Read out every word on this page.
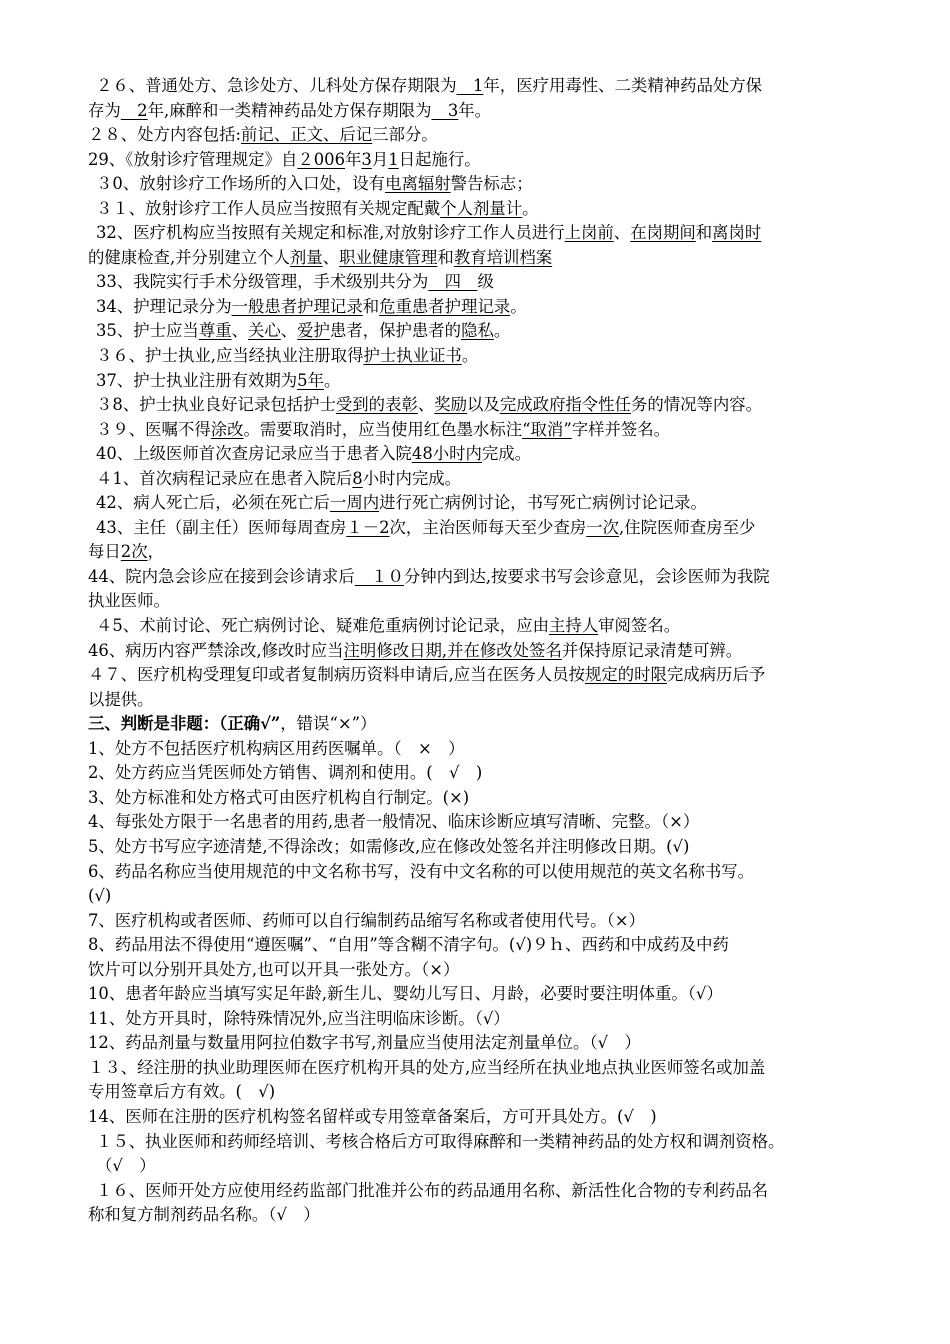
２６、普通处方、急诊处方、儿科处方保存期限为　1年，医疗用毒性、二类精神药品处方保
存为　2年,麻醉和一类精神药品处方保存期限为　3年。
２８、处方内容包括:前记、正文、后记三部分。
29、《放射诊疗管理规定》自２006年3月1日起施行。
３0、放射诊疗工作场所的入口处，设有电离辐射警告标志；
３１、放射诊疗工作人员应当按照有关规定配戴个人剂量计。
32、医疗机构应当按照有关规定和标准,对放射诊疗工作人员进行上岗前、在岗期间和离岗时
的健康检查,并分别建立个人剂量、职业健康管理和教育培训档案
33、我院实行手术分级管理，手术级别共分为　四　级
34、护理记录分为一般患者护理记录和危重患者护理记录。
35、护士应当尊重、关心、爱护患者，保护患者的隐私。
３６、护士执业,应当经执业注册取得护士执业证书。
37、护士执业注册有效期为5年。
３8、护士执业良好记录包括护士受到的表彰、奖励以及完成政府指令性任务的情况等内容。
３９、医嘱不得涂改。需要取消时，应当使用红色墨水标注“取消”字样并签名。
40、上级医师首次查房记录应当于患者入院48小时内完成。
４1、首次病程记录应在患者入院后8小时内完成。
42、病人死亡后，必须在死亡后一周内进行死亡病例讨论，书写死亡病例讨论记录。
43、主任（副主任）医师每周查房１－2次，主治医师每天至少查房一次,住院医师查房至少
每日2次，
44、院内急会诊应在接到会诊请求后　１０分钟内到达,按要求书写会诊意见，会诊医师为我院
执业医师。
４5、术前讨论、死亡病例讨论、疑难危重病例讨论记录，应由主持人审阅签名。
46、病历内容严禁涂改,修改时应当注明修改日期,并在修改处签名并保持原记录清楚可辨。
４７、医疗机构受理复印或者复制病历资料申请后,应当在医务人员按规定的时限完成病历后予
以提供。
三、判断是非题：（正确√”，错误“×”）
1、处方不包括医疗机构病区用药医嘱单。（　×　）
2、处方药应当凭医师处方销售、调剂和使用。(　√　)
3、处方标准和处方格式可由医疗机构自行制定。(×)
4、每张处方限于一名患者的用药,患者一般情况、临床诊断应填写清晰、完整。（×）
5、处方书写应字迹清楚,不得涂改；如需修改,应在修改处签名并注明修改日期。(√)
6、药品名称应当使用规范的中文名称书写，没有中文名称的可以使用规范的英文名称书写。
(√)
7、医疗机构或者医师、药师可以自行编制药品缩写名称或者使用代号。（×）
8、药品用法不得使用“遵医嘱”、“自用”等含糊不清字句。(√)９ｈ、西药和中成药及中药
饮片可以分别开具处方,也可以开具一张处方。（×）
10、患者年龄应当填写实足年龄,新生儿、婴幼儿写日、月龄，必要时要注明体重。（√）
11、处方开具时，除特殊情况外,应当注明临床诊断。（√）
12、药品剂量与数量用阿拉伯数字书写,剂量应当使用法定剂量单位。（√　）
１３、经注册的执业助理医师在医疗机构开具的处方,应当经所在执业地点执业医师签名或加盖
专用签章后方有效。(　√)
14、医师在注册的医疗机构签名留样或专用签章备案后，方可开具处方。(√　)
１５、执业医师和药师经培训、考核合格后方可取得麻醉和一类精神药品的处方权和调剂资格。
（√　）
１６、医师开处方应使用经药监部门批准并公布的药品通用名称、新活性化合物的专利药品名
称和复方制剂药品名称。（√　）
